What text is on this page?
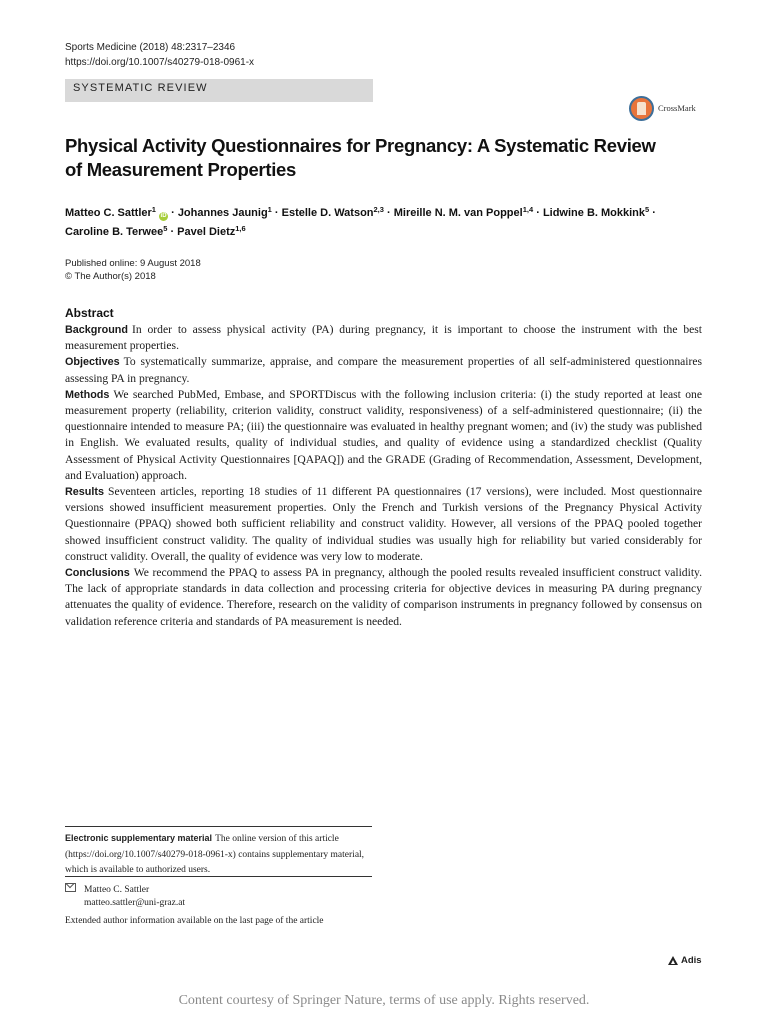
Sports Medicine (2018) 48:2317–2346
https://doi.org/10.1007/s40279-018-0961-x
SYSTEMATIC REVIEW
CrossMark
Physical Activity Questionnaires for Pregnancy: A Systematic Review of Measurement Properties

Matteo C. Sattler$^1$ iD · Johannes Jaunig$^1$ · Estelle D. Watson$^{2,3}$ · Mireille N. M. van Poppel$^{1,4}$ · Lidwine B. Mokkink$^5$ ·
Caroline B. Terwee$^5$ · Pavel Dietz$^{1,6}$

Published online: 9 August 2018
© The Author(s) 2018
Abstract

Background In order to assess physical activity (PA) during pregnancy, it is important to choose the instrument with the best measurement properties.

Objectives To systematically summarize, appraise, and compare the measurement properties of all self-administered questionnaires assessing PA in pregnancy.

Methods We searched PubMed, Embase, and SPORTDiscus with the following inclusion criteria: (i) the study reported at least one measurement property (reliability, criterion validity, construct validity, responsiveness) of a self-administered questionnaire; (ii) the questionnaire intended to measure PA; (iii) the questionnaire was evaluated in healthy pregnant women; and (iv) the study was published in English. We evaluated results, quality of individual studies, and quality of evidence using a standardized checklist (Quality Assessment of Physical Activity Questionnaires [QAPAQ]) and the GRADE (Grading of Recommendation, Assessment, Development, and Evaluation) approach.

Results Seventeen articles, reporting 18 studies of 11 different PA questionnaires (17 versions), were included. Most questionnaire versions showed insufficient measurement properties. Only the French and Turkish versions of the Pregnancy Physical Activity Questionnaire (PPAQ) showed both sufficient reliability and construct validity. However, all versions of the PPAQ pooled together showed insufficient construct validity. The quality of individual studies was usually high for reliability but varied considerably for construct validity. Overall, the quality of evidence was very low to moderate.

Conclusions We recommend the PPAQ to assess PA in pregnancy, although the pooled results revealed insufficient construct validity. The lack of appropriate standards in data collection and processing criteria for objective devices in measuring PA during pregnancy attenuates the quality of evidence. Therefore, research on the validity of comparison instruments in pregnancy followed by consensus on validation reference criteria and standards of PA measurement is needed.

Electronic supplementary material The online version of this article (https://doi.org/10.1007/s40279-018-0961-x) contains supplementary material, which is available to authorized users.
Matteo C. Sattler
matteo.sattler@uni-graz.at
Extended author information available on the last page of the article
Adis
Content courtesy of Springer Nature, terms of use apply. Rights reserved.
